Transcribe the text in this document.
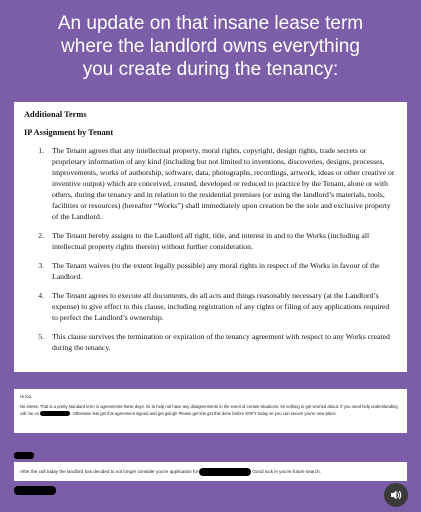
An update on that insane lease term
where the landlord owns everything
you create during the tenancy:
Additional Terms
IP Assignment by Tenant
1.	The Tenant agrees that any intellectual property, moral rights, copyright, design rights, trade secrets or proprietary information of any kind (including but not limited to inventions, discoveries, designs, processes, improvements, works of authorship, software, data, photographs, recordings, artwork, ideas or other creative or inventive output) which are conceived, created, developed or reduced to practice by the Tenant, alone or with others, during the tenancy and in relation to the residential premises (or using the landlord’s materials, tools, facilities or resources) (hereafter “Works”) shall immediately upon creation be the sole and exclusive property of the Landlord.
2.	The Tenant hereby assigns to the Landlord all right, title, and interest in and to the Works (including all intellectual property rights therein) without further consideration.
3.	The Tenant waives (to the extent legally possible) any moral rights in respect of the Works in favour of the Landlord.
4.	The Tenant agrees to execute all documents, do all acts and things reasonably necessary (at the Landlord’s expense) to give effect to this clause, including registration of any rights or filing of any applications required to perfect the Landlord’s ownership.
5.	This clause survives the termination or expiration of the tenancy agreement with respect to any Works created during the tenancy.

Hi too,

No stress. That is a pretty standard term in agreements these days. Its to help not have any disagreements in the event of certain situations. Its nothing to get worried about. If you need help understanding call me on	. Otherwise lets get this agreement signed and get going!! Please get lets get this done before EOFY today so you can secure you're new place.

After the call today the landlord has decided to not longer consider you're application for	Good luck in you're future search.
